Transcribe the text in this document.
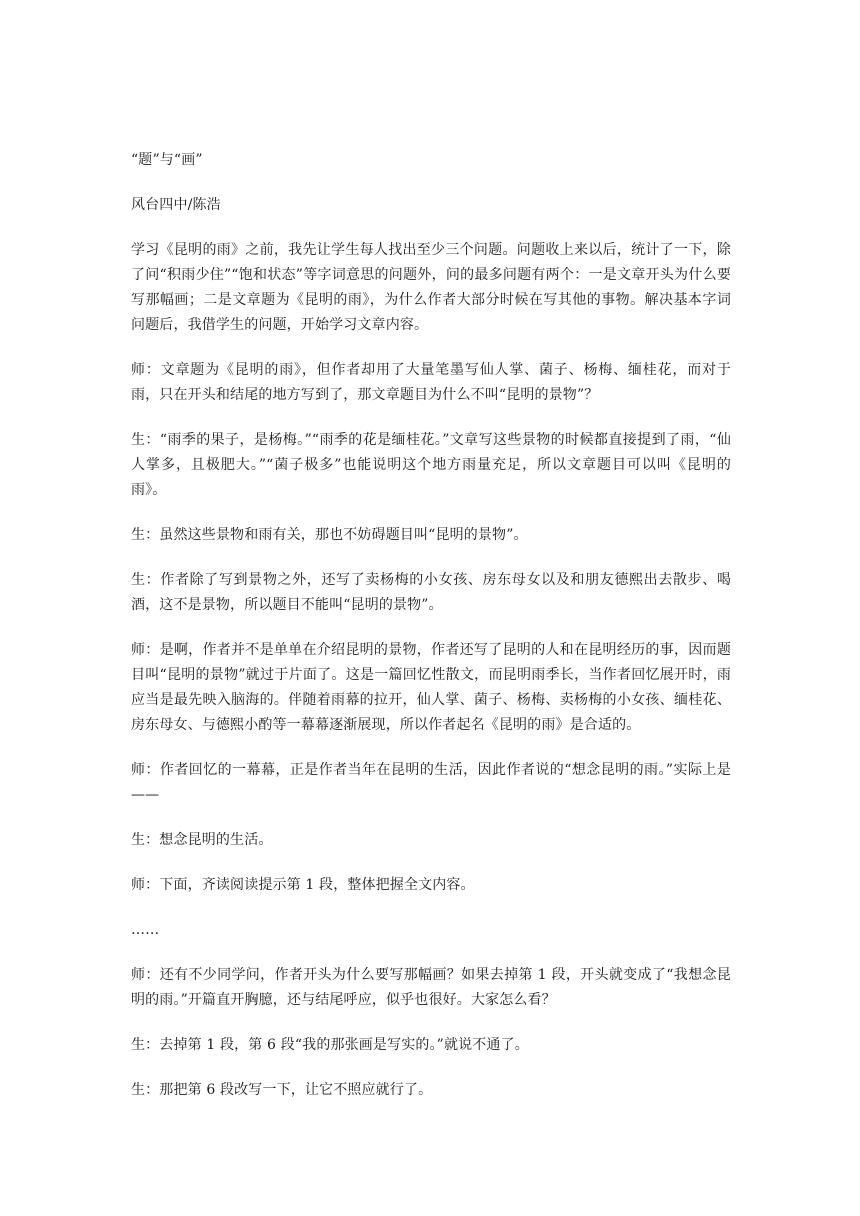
“题”与“画”

风台四中/陈浩

学习《昆明的雨》之前，我先让学生每人找出至少三个问题。问题收上来以后，统计了一下，除了问“积雨少住”“饱和状态”等字词意思的问题外，问的最多问题有两个：一是文章开头为什么要写那幅画；二是文章题为《昆明的雨》，为什么作者大部分时候在写其他的事物。解决基本字词问题后，我借学生的问题，开始学习文章内容。

师：文章题为《昆明的雨》，但作者却用了大量笔墨写仙人掌、菌子、杨梅、缅桂花，而对于雨，只在开头和结尾的地方写到了，那文章题目为什么不叫“昆明的景物”？

生：“雨季的果子，是杨梅。”“雨季的花是缅桂花。”文章写这些景物的时候都直接提到了雨，“仙人掌多，且极肥大。”“菌子极多”也能说明这个地方雨量充足，所以文章题目可以叫《昆明的雨》。

生：虽然这些景物和雨有关，那也不妨碍题目叫“昆明的景物”。

生：作者除了写到景物之外，还写了卖杨梅的小女孩、房东母女以及和朋友德熙出去散步、喝酒，这不是景物，所以题目不能叫“昆明的景物”。

师：是啊，作者并不是单单在介绍昆明的景物，作者还写了昆明的人和在昆明经历的事，因而题目叫“昆明的景物”就过于片面了。这是一篇回忆性散文，而昆明雨季长，当作者回忆展开时，雨应当是最先映入脑海的。伴随着雨幕的拉开，仙人掌、菌子、杨梅、卖杨梅的小女孩、缅桂花、房东母女、与德熙小酌等一幕幕逐渐展现，所以作者起名《昆明的雨》是合适的。

师：作者回忆的一幕幕，正是作者当年在昆明的生活，因此作者说的“想念昆明的雨。”实际上是——

生：想念昆明的生活。

师：下面，齐读阅读提示第 1 段，整体把握全文内容。

……

师：还有不少同学问，作者开头为什么要写那幅画？如果去掉第 1 段，开头就变成了“我想念昆明的雨。”开篇直开胸臆，还与结尾呼应，似乎也很好。大家怎么看？

生：去掉第 1 段，第 6 段“我的那张画是写实的。”就说不通了。

生：那把第 6 段改写一下，让它不照应就行了。
